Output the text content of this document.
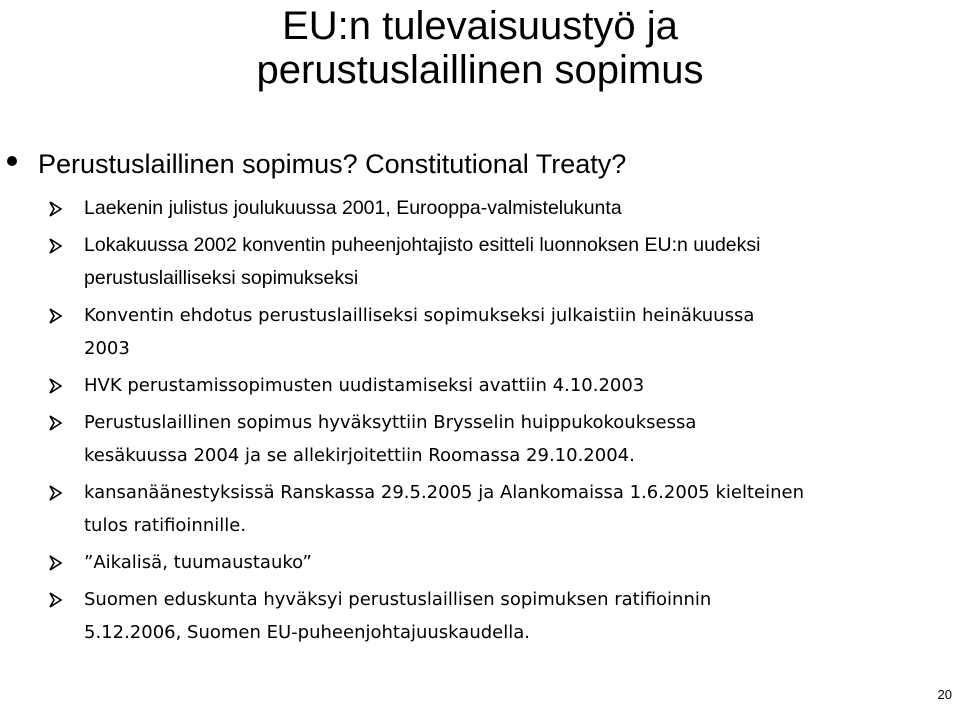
EU:n tulevaisuustyö ja
perustuslaillinen sopimus
Perustuslaillinen sopimus? Constitutional Treaty?
Laekenin julistus joulukuussa 2001, Eurooppa-valmistelukunta
Lokakuussa 2002 konventin puheenjohtajisto esitteli luonnoksen EU:n uudeksi
perustuslailliseksi sopimukseksi
Konventin ehdotus perustuslailliseksi sopimukseksi julkaistiin heinäkuussa
2003
HVK perustamissopimusten uudistamiseksi avattiin 4.10.2003
Perustuslaillinen sopimus hyväksyttiin Brysselin huippukokouksessa
kesäkuussa 2004 ja se allekirjoitettiin Roomassa 29.10.2004.
kansanäänestyksissä Ranskassa 29.5.2005 ja Alankomaissa 1.6.2005 kielteinen
tulos ratifioinnille.
”Aikalisä, tuumaustauko”
Suomen eduskunta hyväksyi perustuslaillisen sopimuksen ratifioinnin
5.12.2006, Suomen EU-puheenjohtajuuskaudella.
20
